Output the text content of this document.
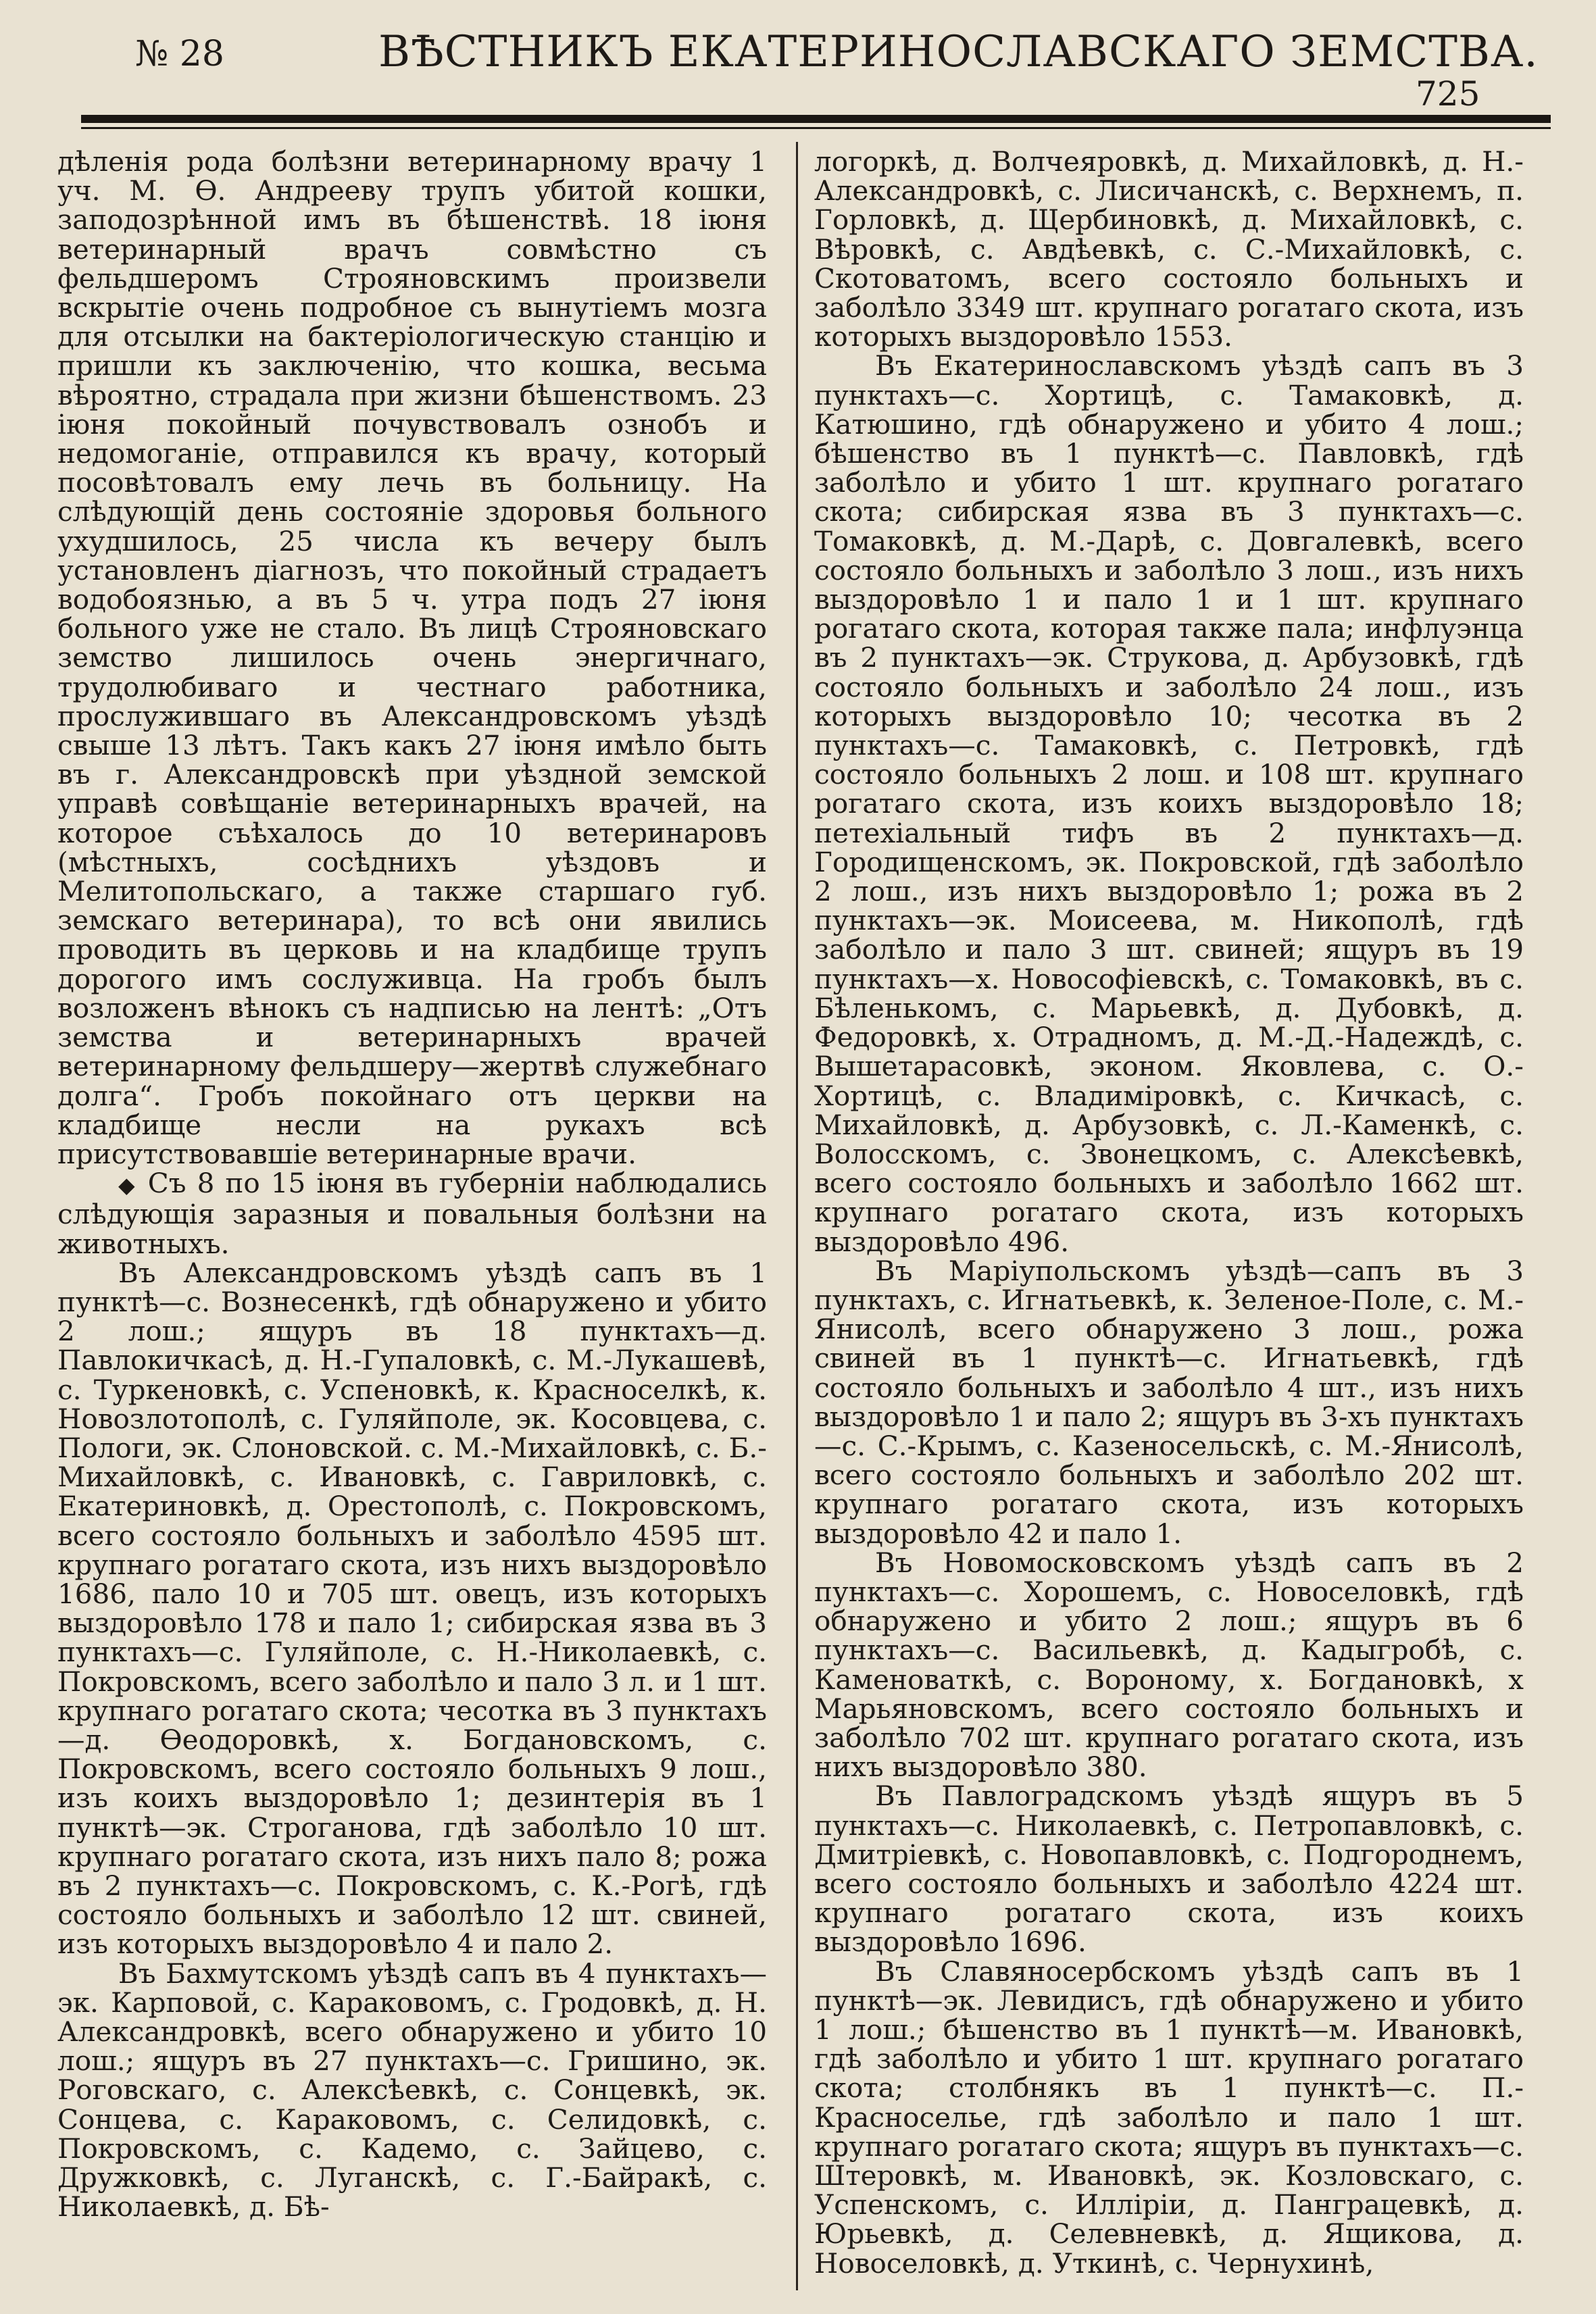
№ 28	ВѢСТНИКЪ ЕКАТЕРИНОСЛАВСКАГО ЗЕМСТВА.
725

дѣленія рода болѣзни ветеринарному врачу 1 уч. М. Ѳ. Андрееву трупъ убитой кошки, заподозрѣнной имъ въ бѣшенствѣ. 18 іюня ветеринарный врачъ совмѣстно съ фельдшеромъ Строяновскимъ произвели вскрытіе очень подробное съ вынутіемъ мозга для отсылки на бактеріологическую станцію и пришли къ заключенію, что кошка, весьма вѣроятно, страдала при жизни бѣшенствомъ. 23 іюня покойный почувствовалъ ознобъ и недомоганіе, отправился къ врачу, который посовѣтовалъ ему лечь въ больницу. На слѣдующій день состояніе здоровья больного ухудшилось, 25 числа къ вечеру былъ установленъ діагнозъ, что покойный страдаетъ водобоязнью, а въ 5 ч. утра подъ 27 іюня больного уже не стало. Въ лицѣ Строяновскаго земство лишилось очень энергичнаго, трудолюбиваго и честнаго работника, прослужившаго въ Александровскомъ уѣздѣ свыше 13 лѣтъ. Такъ какъ 27 іюня имѣло быть въ г. Александровскѣ при уѣздной земской управѣ совѣщаніе ветеринарныхъ врачей, на которое съѣхалось до 10 ветеринаровъ (мѣстныхъ, сосѣднихъ уѣздовъ и Мелитопольскаго, а также старшаго губ. земскаго ветеринара), то всѣ они явились проводить въ церковь и на кладбище трупъ дорогого имъ сослуживца. На гробъ былъ возложенъ вѣнокъ съ надписью на лентѣ: „Отъ земства и ветеринарныхъ врачей ветеринарному фельдшеру—жертвѣ служебнаго долга“. Гробъ покойнаго отъ церкви на кладбище несли на рукахъ всѣ присутствовавшіе ветеринарные врачи.

◆ Съ 8 по 15 іюня въ губерніи наблюдались слѣдующія заразныя и повальныя болѣзни на животныхъ.

Въ Александровскомъ уѣздѣ сапъ въ 1 пунктѣ—с. Вознесенкѣ, гдѣ обнаружено и убито 2 лош.; ящуръ въ 18 пунктахъ—д. Павлокичкасѣ, д. Н.-Гупаловкѣ, с. М.-Лукашевѣ, с. Туркеновкѣ, с. Успеновкѣ, к. Красноселкѣ, к. Новозлотополѣ, с. Гуляйполе, эк. Косовцева, с. Пологи, эк. Слоновской. с. М.-Михайловкѣ, с. Б.-Михайловкѣ, с. Ивановкѣ, с. Гавриловкѣ, с. Екатериновкѣ, д. Орестополѣ, с. Покровскомъ, всего состояло больныхъ и заболѣло 4595 шт. крупнаго рогатаго скота, изъ нихъ выздоровѣло 1686, пало 10 и 705 шт. овецъ, изъ которыхъ выздоровѣло 178 и пало 1; сибирская язва въ 3 пунктахъ—с. Гуляйполе, с. Н.-Николаевкѣ, с. Покровскомъ, всего заболѣло и пало 3 л. и 1 шт. крупнаго рогатаго скота; чесотка въ 3 пунктахъ—д. Ѳеодоровкѣ, х. Богдановскомъ, с. Покровскомъ, всего состояло больныхъ 9 лош., изъ коихъ выздоровѣло 1; дезинтерія въ 1 пунктѣ—эк. Строганова, гдѣ заболѣло 10 шт. крупнаго рогатаго скота, изъ нихъ пало 8; рожа въ 2 пунктахъ—с. Покровскомъ, с. К.-Рогѣ, гдѣ состояло больныхъ и заболѣло 12 шт. свиней, изъ которыхъ выздоровѣло 4 и пало 2.

Въ Бахмутскомъ уѣздѣ сапъ въ 4 пунктахъ—эк. Карповой, с. Караковомъ, с. Гродовкѣ, д. Н. Александровкѣ, всего обнаружено и убито 10 лош.; ящуръ въ 27 пунктахъ—с. Гришино, эк. Роговскаго, с. Алексѣевкѣ, с. Сонцевкѣ, эк. Сонцева, с. Караковомъ, с. Селидовкѣ, с. Покровскомъ, с. Кадемо, с. Зайцево, с. Дружковкѣ, с. Луганскѣ, с. Г.-Байракѣ, с. Николаевкѣ, д. Бѣ-

логоркѣ, д. Волчеяровкѣ, д. Михайловкѣ, д. Н.-Александровкѣ, с. Лисичанскѣ, с. Верхнемъ, п. Горловкѣ, д. Щербиновкѣ, д. Михайловкѣ, с. Вѣровкѣ, с. Авдѣевкѣ, с. С.-Михайловкѣ, с. Скотоватомъ, всего состояло больныхъ и заболѣло 3349 шт. крупнаго рогатаго скота, изъ которыхъ выздоровѣло 1553.

Въ Екатеринославскомъ уѣздѣ сапъ въ 3 пунктахъ—с. Хортицѣ, с. Тамаковкѣ, д. Катюшино, гдѣ обнаружено и убито 4 лош.; бѣшенство въ 1 пунктѣ—с. Павловкѣ, гдѣ заболѣло и убито 1 шт. крупнаго рогатаго скота; сибирская язва въ 3 пунктахъ—с. Томаковкѣ, д. М.-Дарѣ, с. Довгалевкѣ, всего состояло больныхъ и заболѣло 3 лош., изъ нихъ выздоровѣло 1 и пало 1 и 1 шт. крупнаго рогатаго скота, которая также пала; инфлуэнца въ 2 пунктахъ—эк. Струкова, д. Арбузовкѣ, гдѣ состояло больныхъ и заболѣло 24 лош., изъ которыхъ выздоровѣло 10; чесотка въ 2 пунктахъ—с. Тамаковкѣ, с. Петровкѣ, гдѣ состояло больныхъ 2 лош. и 108 шт. крупнаго рогатаго скота, изъ коихъ выздоровѣло 18; петехіальный тифъ въ 2 пунктахъ—д. Городищенскомъ, эк. Покровской, гдѣ заболѣло 2 лош., изъ нихъ выздоровѣло 1; рожа въ 2 пунктахъ—эк. Моисеева, м. Никополѣ, гдѣ заболѣло и пало 3 шт. свиней; ящуръ въ 19 пунктахъ—х. Новософіевскѣ, с. Томаковкѣ, въ с. Бѣленькомъ, с. Марьевкѣ, д. Дубовкѣ, д. Федоровкѣ, х. Отрадномъ, д. М.-Д.-Надеждѣ, с. Вышетарасовкѣ, эконом. Яковлева, с. О.-Хортицѣ, с. Владиміровкѣ, с. Кичкасѣ, с. Михайловкѣ, д. Арбузовкѣ, с. Л.-Каменкѣ, с. Волосскомъ, с. Звонецкомъ, с. Алексѣевкѣ, всего состояло больныхъ и заболѣло 1662 шт. крупнаго рогатаго скота, изъ которыхъ выздоровѣло 496.

Въ Маріупольскомъ уѣздѣ—сапъ въ 3 пунктахъ, с. Игнатьевкѣ, к. Зеленое-Поле, с. М.-Янисолѣ, всего обнаружено 3 лош., рожа свиней въ 1 пунктѣ—с. Игнатьевкѣ, гдѣ состояло больныхъ и заболѣло 4 шт., изъ нихъ выздоровѣло 1 и пало 2; ящуръ въ 3-хъ пунктахъ—с. С.-Крымъ, с. Казеносельскѣ, с. М.-Янисолѣ, всего состояло больныхъ и заболѣло 202 шт. крупнаго рогатаго скота, изъ которыхъ выздоровѣло 42 и пало 1.

Въ Новомосковскомъ уѣздѣ сапъ въ 2 пунктахъ—с. Хорошемъ, с. Новоселовкѣ, гдѣ обнаружено и убито 2 лош.; ящуръ въ 6 пунктахъ—с. Васильевкѣ, д. Кадыгробѣ, с. Каменоваткѣ, с. Вороному, х. Богдановкѣ, х Марьяновскомъ, всего состояло больныхъ и заболѣло 702 шт. крупнаго рогатаго скота, изъ нихъ выздоровѣло 380.

Въ Павлоградскомъ уѣздѣ ящуръ въ 5 пунктахъ—с. Николаевкѣ, с. Петропавловкѣ, с. Дмитріевкѣ, с. Новопавловкѣ, с. Подгороднемъ, всего состояло больныхъ и заболѣло 4224 шт. крупнаго рогатаго скота, изъ коихъ выздоровѣло 1696.

Въ Славяносербскомъ уѣздѣ сапъ въ 1 пунктѣ—эк. Левидисъ, гдѣ обнаружено и убито 1 лош.; бѣшенство въ 1 пунктѣ—м. Ивановкѣ, гдѣ заболѣло и убито 1 шт. крупнаго рогатаго скота; столбнякъ въ 1 пунктѣ—с. П.-Красноселье, гдѣ заболѣло и пало 1 шт. крупнаго рогатаго скота; ящуръ въ пунктахъ—с. Штеровкѣ, м. Ивановкѣ, эк. Козловскаго, с. Успенскомъ, с. Илліріи, д. Панграцевкѣ, д. Юрьевкѣ, д. Селевневкѣ, д. Ящикова, д. Новоселовкѣ, д. Уткинѣ, с. Чернухинѣ,
